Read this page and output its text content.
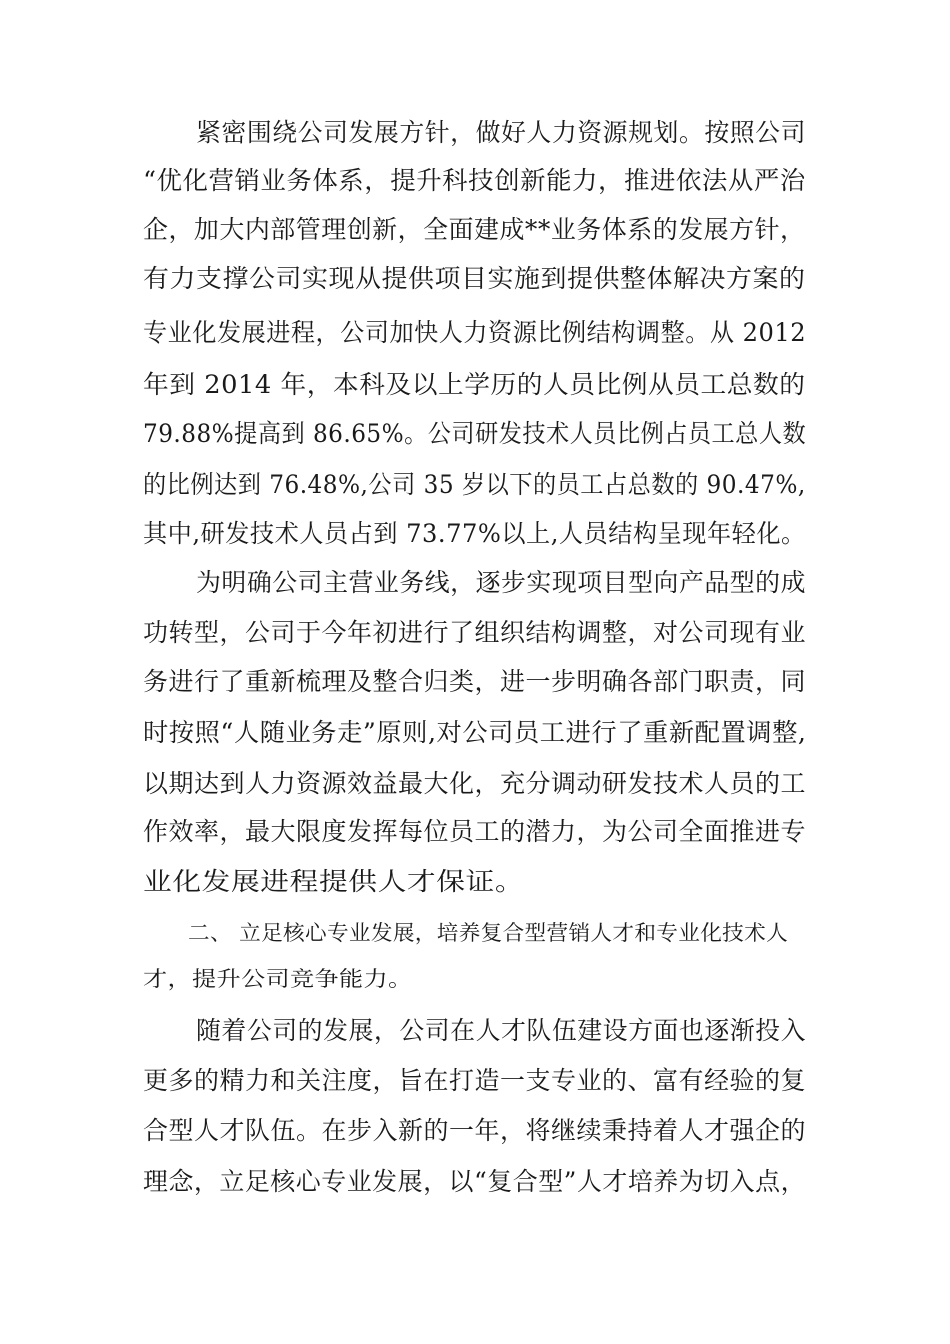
紧密围绕公司发展方针，做好人力资源规划。按照公司
“优化营销业务体系，提升科技创新能力，推进依法从严治
企，加大内部管理创新，全面建成**业务体系的发展方针，
有力支撑公司实现从提供项目实施到提供整体解决方案的
专业化发展进程，公司加快人力资源比例结构调整。从 2012
年到 2014 年，本科及以上学历的人员比例从员工总数的
79.88%提高到 86.65%。公司研发技术人员比例占员工总人数
的比例达到 76.48%,公司 35 岁以下的员工占总数的 90.47%,
其中,研发技术人员占到 73.77%以上,人员结构呈现年轻化。
为明确公司主营业务线，逐步实现项目型向产品型的成
功转型，公司于今年初进行了组织结构调整，对公司现有业
务进行了重新梳理及整合归类，进一步明确各部门职责，同
时按照“人随业务走”原则,对公司员工进行了重新配置调整,
以期达到人力资源效益最大化，充分调动研发技术人员的工
作效率，最大限度发挥每位员工的潜力，为公司全面推进专
业化发展进程提供人才保证。
二、 立足核心专业发展，培养复合型营销人才和专业化技术人
才，提升公司竞争能力。
随着公司的发展，公司在人才队伍建设方面也逐渐投入
更多的精力和关注度，旨在打造一支专业的、富有经验的复
合型人才队伍。在步入新的一年，将继续秉持着人才强企的
理念，立足核心专业发展，以“复合型”人才培养为切入点，
